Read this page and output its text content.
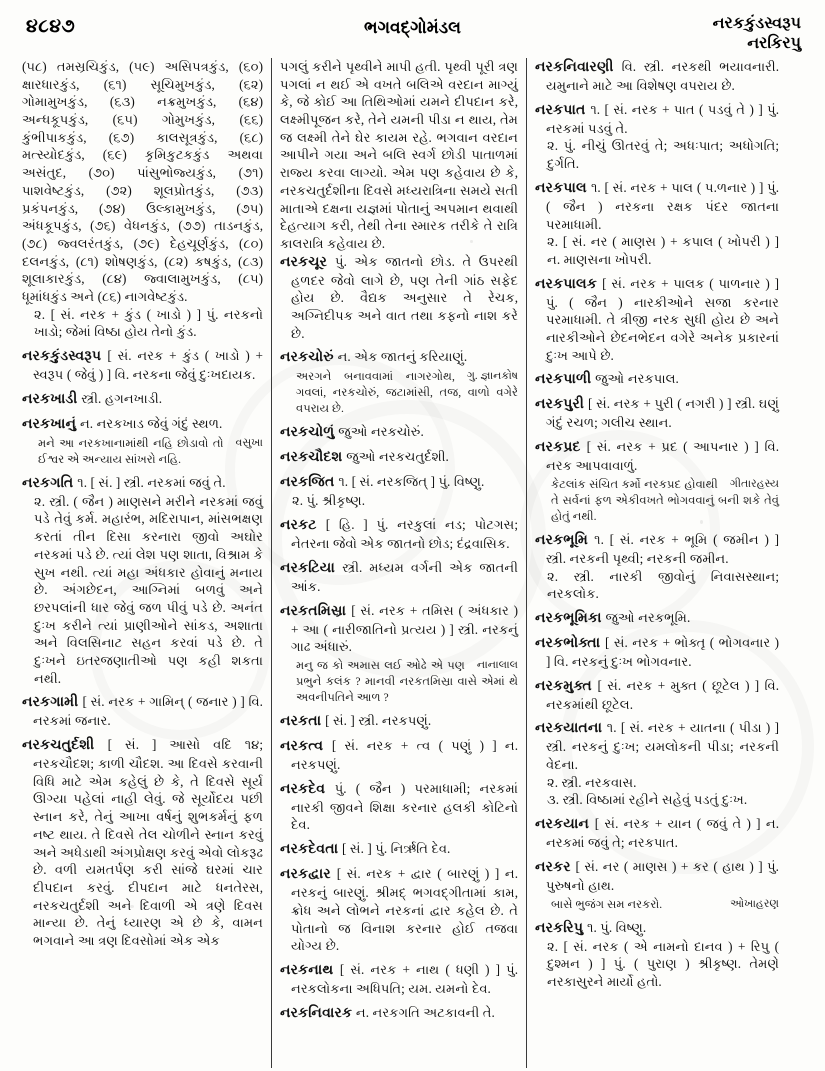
૪૮૪૭	ભગવદ્ગોમંડલ	નરકકુંડસ્વરૂપ
નરકિરપુ

(૫૮) તમસ્રચિકુંડ, (૫૯) અસિપત્રકુંડ, (૬૦) ક્ષારધારકુંડ, (૬૧) સૂચિમુખકુંડ, (૬૨) ગોમામુખકુંડ, (૬૩) નક્રમુખકુંડ, (૬૪) અન્ધકૂપકુંડ, (૬૫) ગોમુખકુંડ, (૬૬) કુંભીપાકકુંડ, (૬૭) કાલસૂત્રકુંડ, (૬૮) મત્સ્યોદકુંડ, (૬૯) કૃમિકુટકકુંડ અથવા અસંતુદ, (૭૦) પાંસુભોજ્યકુંડ, (૭૧) પાશવેષ્ટકુંડ, (૭૨) શૂલપ્રોતકુંડ, (૭૩) પ્રકંપનકુંડ, (૭૪) ઉલ્કામુખકુંડ, (૭૫) અંધકૂપકુંડ, (૭૬) વેધનકુંડ, (૭૭) તાડનકુંડ, (૭૮) જ્વલરંતકુંડ, (૭૯) દેહચૂર્ણકુંડ, (૮૦) દલનકુંડ, (૮૧) શોષણકુંડ, (૮૨) કષકુંડ, (૮૩) શૂલાકારકુંડ, (૮૪) જ્વાલામુખકુંડ, (૮૫) ધૂમાંધકુંડ અને (૮૬) નાગવેષ્ટકુંડ.

૨. [ સં. નરક + કુંડ ( ખાડો ) ] પું. નરકનો ખાડો; જેમાં વિષ્ઠા હોય તેનો કુંડ.

નરકકુંડસ્વરૂપ [ સં. નરક + કુંડ ( ખાડો ) + સ્વરૂપ ( જેવું ) ] વિ. નરકના જેવું દુઃખદાયક.

નરકખાડી સ્ત્રી. હગનખાડી.

નરકખાનું ન. નરકખાડ જેવું ગંદું સ્થળ.

વસુખા
મને આ નરકખાનામાંથી નહિ છોડાવો તો ઈશ્વર એ અન્યાય સાંખરો નહિ.

નરકગતિ ૧. [ સં. ] સ્ત્રી. નરકમાં જવું તે.

૨. સ્ત્રી. ( જૈન ) માણસને મરીને નરકમાં જવું પડે તેવું કર્મ. મહારંભ, મદિરાપાન, માંસભક્ષણ કરતાં તીન દિસા કરનારા જીવો અઘોર નરકમાં પડે છે. ત્યાં લેશ પણ શાતા, વિશ્રામ કે સુખ નથી. ત્યાં મહા અંધકાર હોવાનું મનાય છે. અંગછેદન, આગ્નિમાં બળવું અને છરપલાંની ધાર જેવું જળ પીવું પડે છે. અનંત દુઃખ કરીને ત્યાં પ્રાણીઓને સાંકડ, અશાતા અને વિલસિનાટ સહન કરવાં પડે છે. તે દુઃખને ઇતરજણાતીઓ પણ કહી શકતા નથી.

નરકગામી [ સં. નરક + ગામિન્ ( જનાર ) ] વિ. નરકમાં જનાર.

નરકચતુર્દશી [ સં. ] આસો વદિ ૧૪; નરકચૌદશ; કાળી ચૌદશ. આ દિવસે કરવાની વિધિ માટે એમ કહેલું છે કે, તે દિવસે સૂર્ય ઊગ્યા પહેલાં નાહી લેવું. જે સૂર્યોદય પછી સ્નાન કરે, તેનું આખા વર્ષનું શુભકર્મનું ફળ નષ્ટ થાય. તે દિવસે તેલ ચોળીને સ્નાન કરવું અને અધેડાથી અંગપ્રોક્ષણ કરવું એવો લોકરૂઢ છે. વળી યમતર્પણ કરી સાંજે ઘરમાં ચાર દીપદાન કરવું. દીપદાન માટે ધનતેરસ, નરકચતુર્દશી અને દિવાળી એ ત્રણે દિવસ માન્યા છે. તેનું ધ્યારણ એ છે કે, વામન ભગવાને આ ત્રણ દિવસોમાં એક એક

પગલું કરીને પૃથ્વીને માપી હતી. પૃથ્વી પૂરી ત્રણ પગલાં ન થઈ એ વખતે બલિએ વરદાન માગ્યું કે, જે કોઈ આ તિથિઓમાં યમને દીપદાન કરે, લક્ષ્મીપૂજન કરે, તેને યમની પીડા ન થાય, તેમ જ લક્ષ્મી તેને ઘેર કાયમ રહે. ભગવાન વરદાન આપીને ગયા અને બલિ સ્વર્ગ છોડી પાતાળમાં રાજ્ય કરવા લાગ્યો. એમ પણ કહેવાય છે કે, નરકચતુર્દશીના દિવસે મધ્યરાત્રિના સમયે સતી માતાએ દક્ષના યજ્ઞમાં પોતાનું અપમાન થવાથી દેહત્યાગ કરી, તેથી તેના સ્મારક તરીકે તે રાત્રિ કાલરાત્રિ કહેવાય છે.

નરકચૂર પું. એક જાતનો છોડ. તે ઉપરથી હળદર જેવો લાગે છે, પણ તેની ગાંઠ સફેદ હોય છે. વૈદ્યક અનુસાર તે રેચક, અગ્નિદીપક અને વાત તથા કફનો નાશ કરે છે.

નરકચોરું ન. એક જાતનું કરિયાણું.

ગુ. જ્ઞાનકોષ
અરગને બનાવવામાં નાગરગોથ, ગવલાં, નરકચોરું, જટામાંસી, તજ, વાળો વગેરે વપરાય છે.

નરકચોળું જુઓ નરકચોરું.

નરકચૌદશ જુઓ નરકચતુર્દશી.

નરકજિત ૧. [ સં. નરકજિત્ ] પું. વિષ્ણુ.

૨. પું. શ્રીકૃષ્ણ.

નરકટ [ હિ. ] પું. નરકુલાં નડ; પોટગસ; નેતરના જેવો એક જાતનો છોડ; દંદ્રવાસિક.

નરકટિયા સ્ત્રી. મધ્યમ વર્ગની એક જાતની આંક.

નરકતમિસ્રા [ સં. નરક + તમિસ ( અંધકાર ) + આ ( નારીજાતિનો પ્રત્યય ) ] સ્ત્રી. નરકનું ગાઢ અંધારું.

નાનાલાલ
મનુ જ કો અમાસ લઈ ઓઢે એ પણ પ્રભુને કલંક ? માનવી નરકતમિસ્રા વાસે એમાં થે અવનીપતિને આળ ?

નરકતા [ સં. ] સ્ત્રી. નરકપણું.

નરકત્વ [ સં. નરક + ત્વ ( પણું ) ] ન. નરકપણું.

નરકદેવ પું. ( જૈન ) પરમાધામી; નરકમાં નારકી જીવને શિક્ષા કરનાર હલકી કોટિનો દેવ.

નરકદેવતા [ સં. ] પું. નિર્ઋતિ દેવ.

નરકદ્વાર [ સં. નરક + દ્વાર ( બારણું ) ] ન. નરકનું બારણું. શ્રીમદ્ ભગવદ્ગીતામાં કામ, ક્રોધ અને લોભને નરકનાં દ્વાર કહેલ છે. તે પોતાનો જ વિનાશ કરનાર હોઈ તજવા યોગ્ય છે.

નરકનાથ [ સં. નરક + નાથ ( ધણી ) ] પું. નરકલોકના અધિપતિ; યમ. યમનો દેવ.

નરકનિવારક ન. નરકગતિ અટકાવની તે.

નરકનિવારણી વિ. સ્ત્રી. નરકથી ભયાવનારી. યમુનાને માટે આ વિશેષણ વપરાય છે.

નરકપાત ૧. [ સં. નરક + પાત ( પડવું તે ) ] પું. નરકમાં પડવું તે.

૨. પું. નીચું ઊતરવું તે; અધઃપાત; અધોગતિ; દુર્ગતિ.

નરકપાલ ૧. [ સં. નરક + પાલ ( પ.ળનાર ) ] પું. ( જૈન ) નરકના રક્ષક પંદર જાતના પરમાધામી.

૨. [ સં. નર ( માણસ ) + કપાલ ( ખોપરી ) ] ન. માણસના ખોપરી.

નરકપાલક [ સં. નરક + પાલક ( પાળનાર ) ] પું. ( જૈન ) નારકીઓને સજા કરનાર પરમાધામી. તે ત્રીજી નરક સુધી હોય છે અને નારકીઓને છેદનભેદન વગેરે અનેક પ્રકારનાં દુઃખ આપે છે.

નરકપાળી જુઓ નરકપાલ.

નરકપુરી [ સં. નરક + પુરી ( નગરી ) ] સ્ત્રી. ઘણું ગંદું રચળ; ગલીચ સ્થાન.

નરકપ્રદ [ સં. નરક + પ્રદ ( આપનાર ) ] વિ. નરક આપવાવાળું.

ગીતારહસ્ય
કેટલાંક સંચિત કર્મો નરકપ્રદ હોવાથી તે સર્વનાં ફળ એકીવખતે ભોગવવાનું બની શકે તેવું હોતું નથી.

નરકભૂમિ ૧. [ સં. નરક + ભૂમિ ( જમીન ) ] સ્ત્રી. નરકની પૃથ્વી; નરકની જમીન.

૨. સ્ત્રી. નારકી જીવોનું નિવાસસ્થાન; નરકલોક.

નરકભૂમિકા જુઓ નરકભૂમિ.

નરકભોક્તા [ સં. નરક + ભોક્તૃ ( ભોગવનાર ) ] વિ. નરકનું દુઃખ ભોગવનાર.

નરકમુક્ત [ સં. નરક + મુક્ત ( છૂટેલ ) ] વિ. નરકમાંથી છૂટેલ.

નરકયાતના ૧. [ સં. નરક + યાતના ( પીડા ) ] સ્ત્રી. નરકનું દુઃખ; યમલોકની પીડા; નરકની વેદના.

૨. સ્ત્રી. નરકવાસ.

૩. સ્ત્રી. વિષ્ઠામાં રહીને સહેવું પડતું દુઃખ.

નરકયાન [ સં. નરક + યાન ( જવું તે ) ] ન. નરકમાં જવું તે; નરકપાત.

નરકર [ સં. નર ( માણસ ) + કર ( હાથ ) ] પું. પુરુષનો હાથ.

ઓખાહરણ
બાસે ભુજંગ સમ નરકરો.

નરકરિપુ ૧. પું. વિષ્ણુ.

૨. [ સં. નરક ( એ નામનો દાનવ ) + રિપુ ( દુશ્મન ) ] પું. ( પુરાણ ) શ્રીકૃષ્ણ. તેમણે નરકાસુરને માર્યો હતો.
